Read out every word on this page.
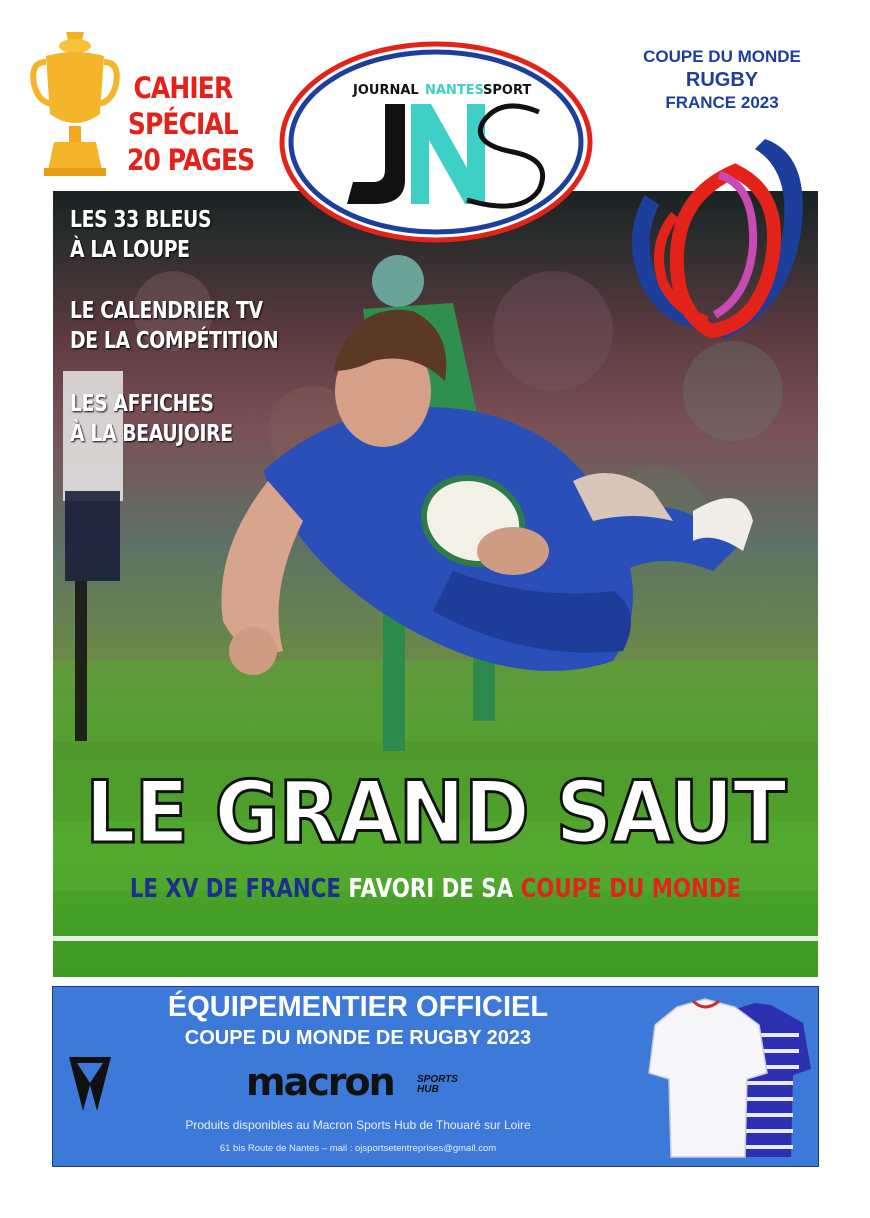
CAHIER
SPÉCIAL
20 PAGES
COUPE DU MONDE
RUGBY
FRANCE 2023
JOURNAL NANTES SPORT
LES 33 BLEUS
À LA LOUPE
LE CALENDRIER TV
DE LA COMPÉTITION
LES AFFICHES
À LA BEAUJOIRE
LE GRAND SAUT
LE XV DE FRANCE FAVORI DE SA COUPE DU MONDE
ÉQUIPEMENTIER OFFICIEL
COUPE DU MONDE DE RUGBY 2023
macron SPORTS
HUB
Produits disponibles au Macron Sports Hub de Thouaré sur Loire
61 bis Route de Nantes – mail : ojsportsetentreprises@gmail.com
